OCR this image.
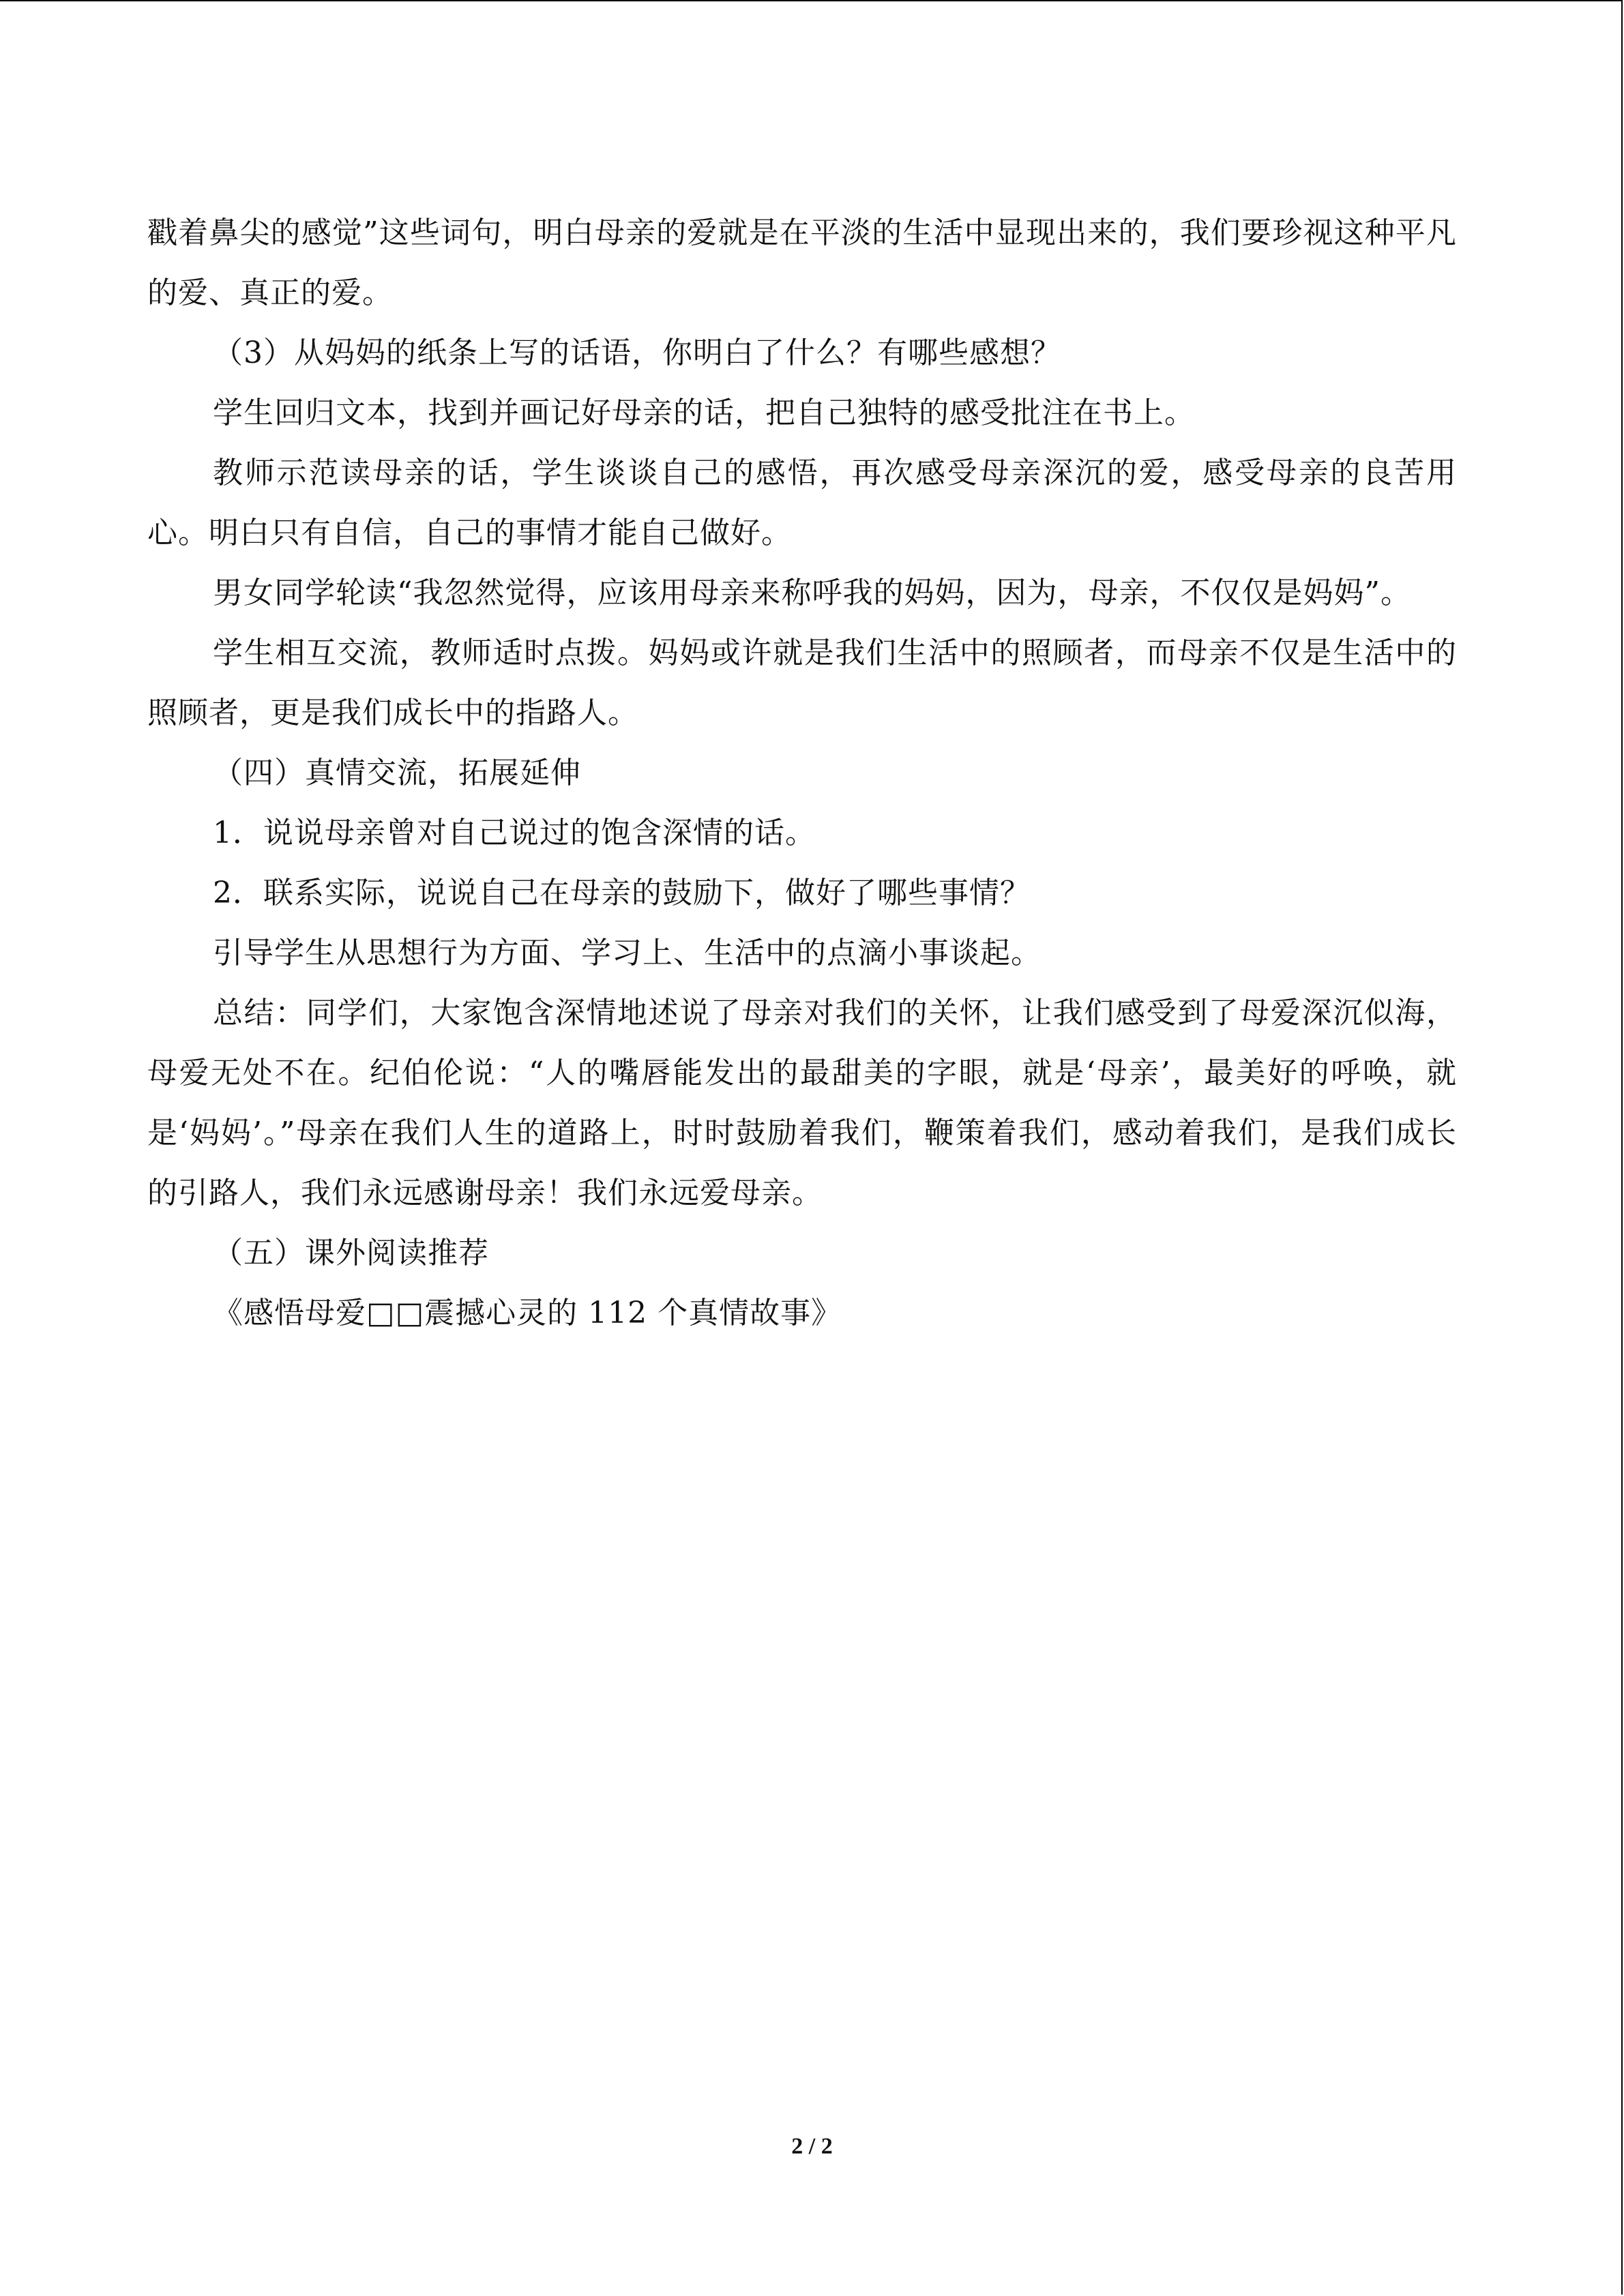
戳着鼻尖的感觉”这些词句，明白母亲的爱就是在平淡的生活中显现出来的，我们要珍视这种平凡的爱、真正的爱。

（3）从妈妈的纸条上写的话语，你明白了什么？有哪些感想？

学生回归文本，找到并画记好母亲的话，把自己独特的感受批注在书上。

教师示范读母亲的话，学生谈谈自己的感悟，再次感受母亲深沉的爱，感受母亲的良苦用心。明白只有自信，自己的事情才能自己做好。

男女同学轮读“我忽然觉得，应该用母亲来称呼我的妈妈，因为，母亲，不仅仅是妈妈”。

学生相互交流，教师适时点拨。妈妈或许就是我们生活中的照顾者，而母亲不仅是生活中的照顾者，更是我们成长中的指路人。

（四）真情交流，拓展延伸

1．说说母亲曾对自己说过的饱含深情的话。

2．联系实际，说说自己在母亲的鼓励下，做好了哪些事情？

引导学生从思想行为方面、学习上、生活中的点滴小事谈起。

总结：同学们，大家饱含深情地述说了母亲对我们的关怀，让我们感受到了母爱深沉似海，母爱无处不在。纪伯伦说：“人的嘴唇能发出的最甜美的字眼，就是‘母亲’，最美好的呼唤，就是‘妈妈’。”母亲在我们人生的道路上，时时鼓励着我们，鞭策着我们，感动着我们，是我们成长的引路人，我们永远感谢母亲！我们永远爱母亲。

（五）课外阅读推荐

《感悟母爱□□震撼心灵的 112 个真情故事》

2 / 2
